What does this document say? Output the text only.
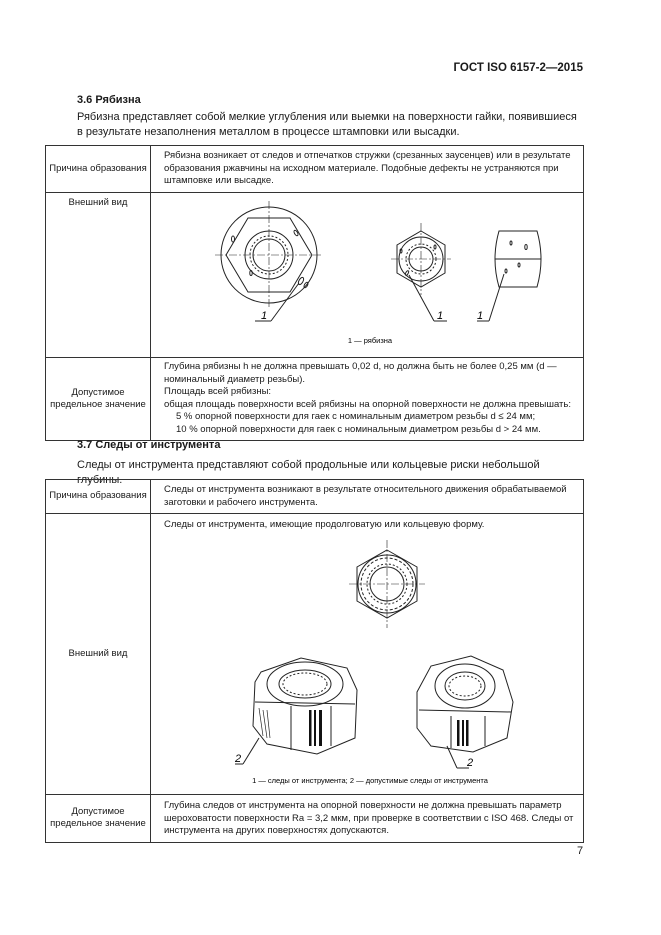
ГОСТ ISO 6157-2—2015
3.6 Рябизна
Рябизна представляет собой мелкие углубления или выемки на поверхности гайки, появившиеся в результате незаполнения металлом в процессе штамповки или высадки.
Причина образования	Рябизна возникает от следов и отпечатков стружки (срезанных заусенцев) или в результате образования ржавчины на исходном материале. Подобные дефекты не устраняются при штамповке или высадке.
Внешний вид	1 1 1
1 — рябизна

Допустимое предельное значение	Глубина рябизны h не должна превышать 0,02 d, но должна быть не более 0,25 мм (d — номинальный диаметр резьбы).

Площадь всей рябизны:

общая площадь поверхности всей рябизны на опорной поверхности не должна превышать:

5 % опорной поверхности для гаек с номинальным диаметром резьбы d ≤ 24 мм;

10 % опорной поверхности для гаек с номинальным диаметром резьбы d > 24 мм.

3.7 Следы от инструмента
Следы от инструмента представляют собой продольные или кольцевые риски небольшой глубины.
Причина образования	Следы от инструмента возникают в результате относительного движения обрабатываемой заготовки и рабочего инструмента.
Внешний вид	Следы от инструмента, имеющие продолговатую или кольцевую форму.
2 2
1 — следы от инструмента; 2 — допустимые следы от инструмента

Допустимое предельное значение	Глубина следов от инструмента на опорной поверхности не должна превышать параметр шероховатости поверхности Ra = 3,2 мкм, при проверке в соответствии с ISO 468. Следы от инструмента на других поверхностях допускаются.
7
